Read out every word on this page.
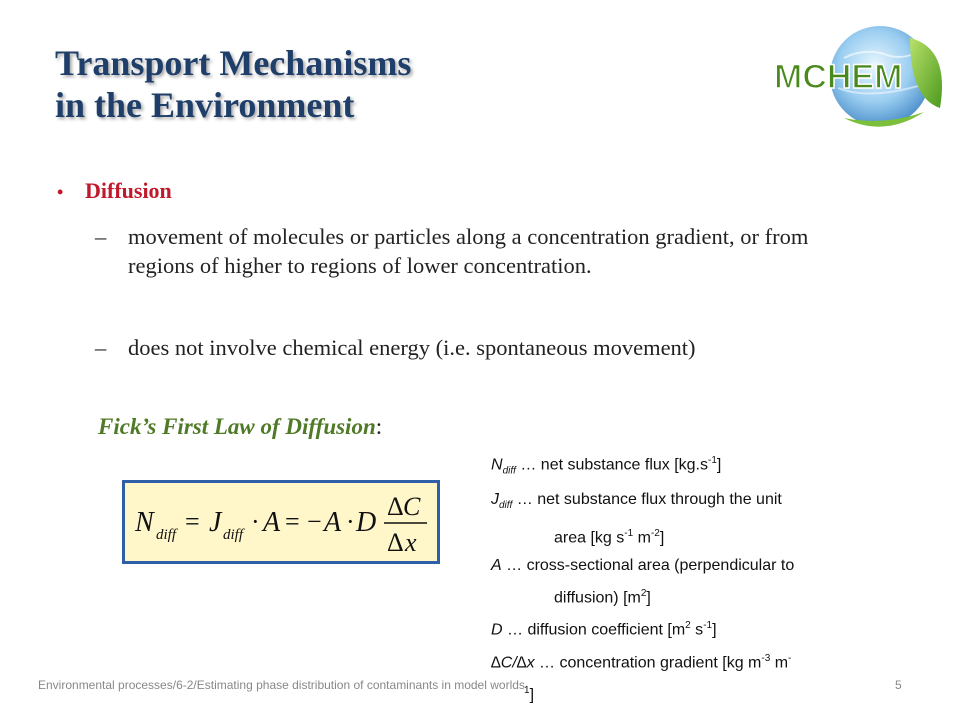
Transport Mechanisms
in the Environment
MCHEM
• Diffusion
– movement of molecules or particles along a concentration gradient, or from regions of higher to regions of lower concentration.
– does not involve chemical energy (i.e. spontaneous movement)
Fick’s First Law of Diffusion:
N diff = J diff · A = − A · D
Δ C
Δ x
$N_{diff}$ … net substance flux $[kg.s^{-1}]$
$J_{diff}$ … net substance flux through the unit
area [kg $s^{-1}$ $m^{-2}$]
A … cross-sectional area (perpendicular to
diffusion) $[m^2]$
D … diffusion coefficient [$m^2$ $s^{-1}$]
∆C/∆x … concentration gradient [kg $m^{-3}$ m-
$^1$]
Environmental processes/6-2/Estimating phase distribution of contaminants in model worlds	5
